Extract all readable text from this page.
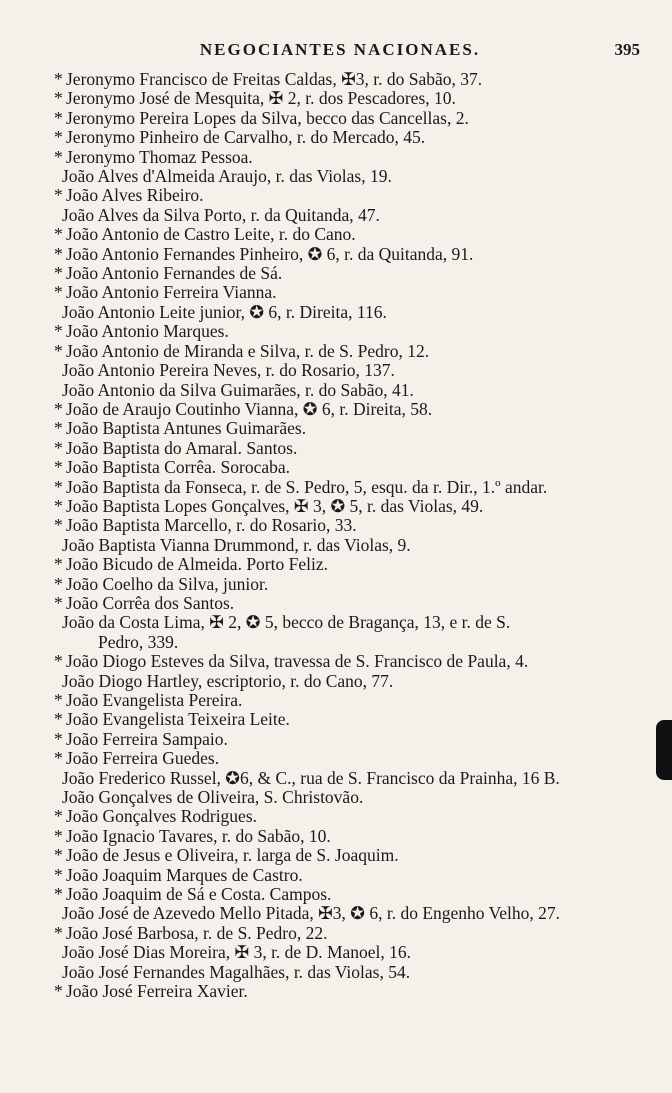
NEGOCIANTES NACIONAES.	395
* Jeronymo Francisco de Freitas Caldas, ✠3, r. do Sabão, 37.
* Jeronymo José de Mesquita, ✠ 2, r. dos Pescadores, 10.
* Jeronymo Pereira Lopes da Silva, becco das Cancellas, 2.
* Jeronymo Pinheiro de Carvalho, r. do Mercado, 45.
* Jeronymo Thomaz Pessoa.
João Alves d'Almeida Araujo, r. das Violas, 19.
* João Alves Ribeiro.
João Alves da Silva Porto, r. da Quitanda, 47.
* João Antonio de Castro Leite, r. do Cano.
* João Antonio Fernandes Pinheiro, ✪ 6, r. da Quitanda, 91.
* João Antonio Fernandes de Sá.
* João Antonio Ferreira Vianna.
João Antonio Leite junior, ✪ 6, r. Direita, 116.
* João Antonio Marques.
* João Antonio de Miranda e Silva, r. de S. Pedro, 12.
João Antonio Pereira Neves, r. do Rosario, 137.
João Antonio da Silva Guimarães, r. do Sabão, 41.
* João de Araujo Coutinho Vianna, ✪ 6, r. Direita, 58.
* João Baptista Antunes Guimarães.
* João Baptista do Amaral. Santos.
* João Baptista Corrêa. Sorocaba.
* João Baptista da Fonseca, r. de S. Pedro, 5, esqu. da r. Dir., 1.º andar.
* João Baptista Lopes Gonçalves, ✠ 3, ✪ 5, r. das Violas, 49.
* João Baptista Marcello, r. do Rosario, 33.
João Baptista Vianna Drummond, r. das Violas, 9.
* João Bicudo de Almeida. Porto Feliz.
* João Coelho da Silva, junior.
* João Corrêa dos Santos.
João da Costa Lima, ✠ 2, ✪ 5, becco de Bragança, 13, e r. de S.
Pedro, 339.
* João Diogo Esteves da Silva, travessa de S. Francisco de Paula, 4.
João Diogo Hartley, escriptorio, r. do Cano, 77.
* João Evangelista Pereira.
* João Evangelista Teixeira Leite.
* João Ferreira Sampaio.
* João Ferreira Guedes.
João Frederico Russel, ✪6, & C., rua de S. Francisco da Prainha, 16 B.
João Gonçalves de Oliveira, S. Christovão.
* João Gonçalves Rodrigues.
* João Ignacio Tavares, r. do Sabão, 10.
* João de Jesus e Oliveira, r. larga de S. Joaquim.
* João Joaquim Marques de Castro.
* João Joaquim de Sá e Costa. Campos.
João José de Azevedo Mello Pitada, ✠3, ✪ 6, r. do Engenho Velho, 27.
* João José Barbosa, r. de S. Pedro, 22.
João José Dias Moreira, ✠ 3, r. de D. Manoel, 16.
João José Fernandes Magalhães, r. das Violas, 54.
* João José Ferreira Xavier.
